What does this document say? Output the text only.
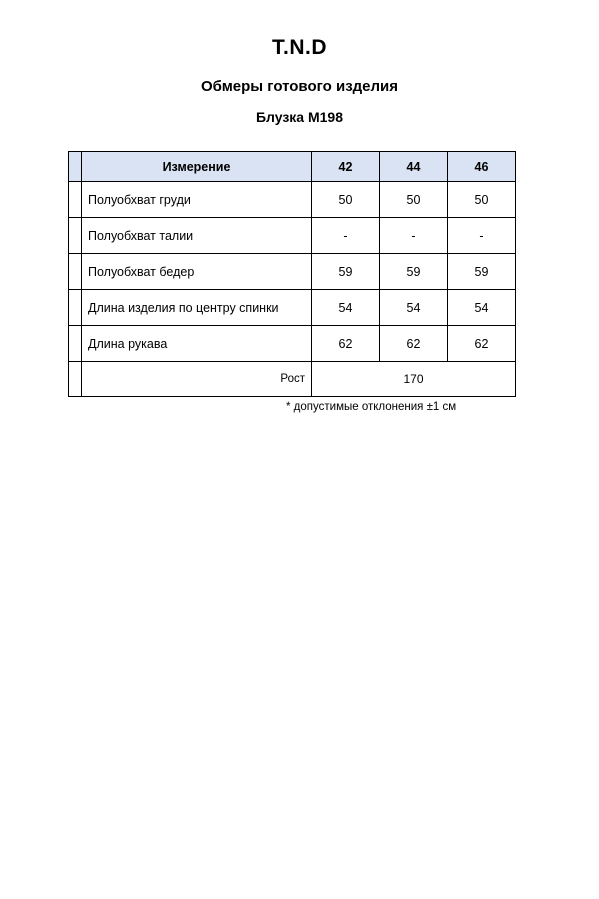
T.N.D
Обмеры готового изделия
Блузка М198
	Измерение	42	44	46
	Полуобхват груди	50	50	50
	Полуобхват талии	-	-	-
	Полуобхват бедер	59	59	59
	Длина изделия по центру спинки	54	54	54
	Длина рукава	62	62	62
	Рост	170		
* допустимые отклонения ±1 см
